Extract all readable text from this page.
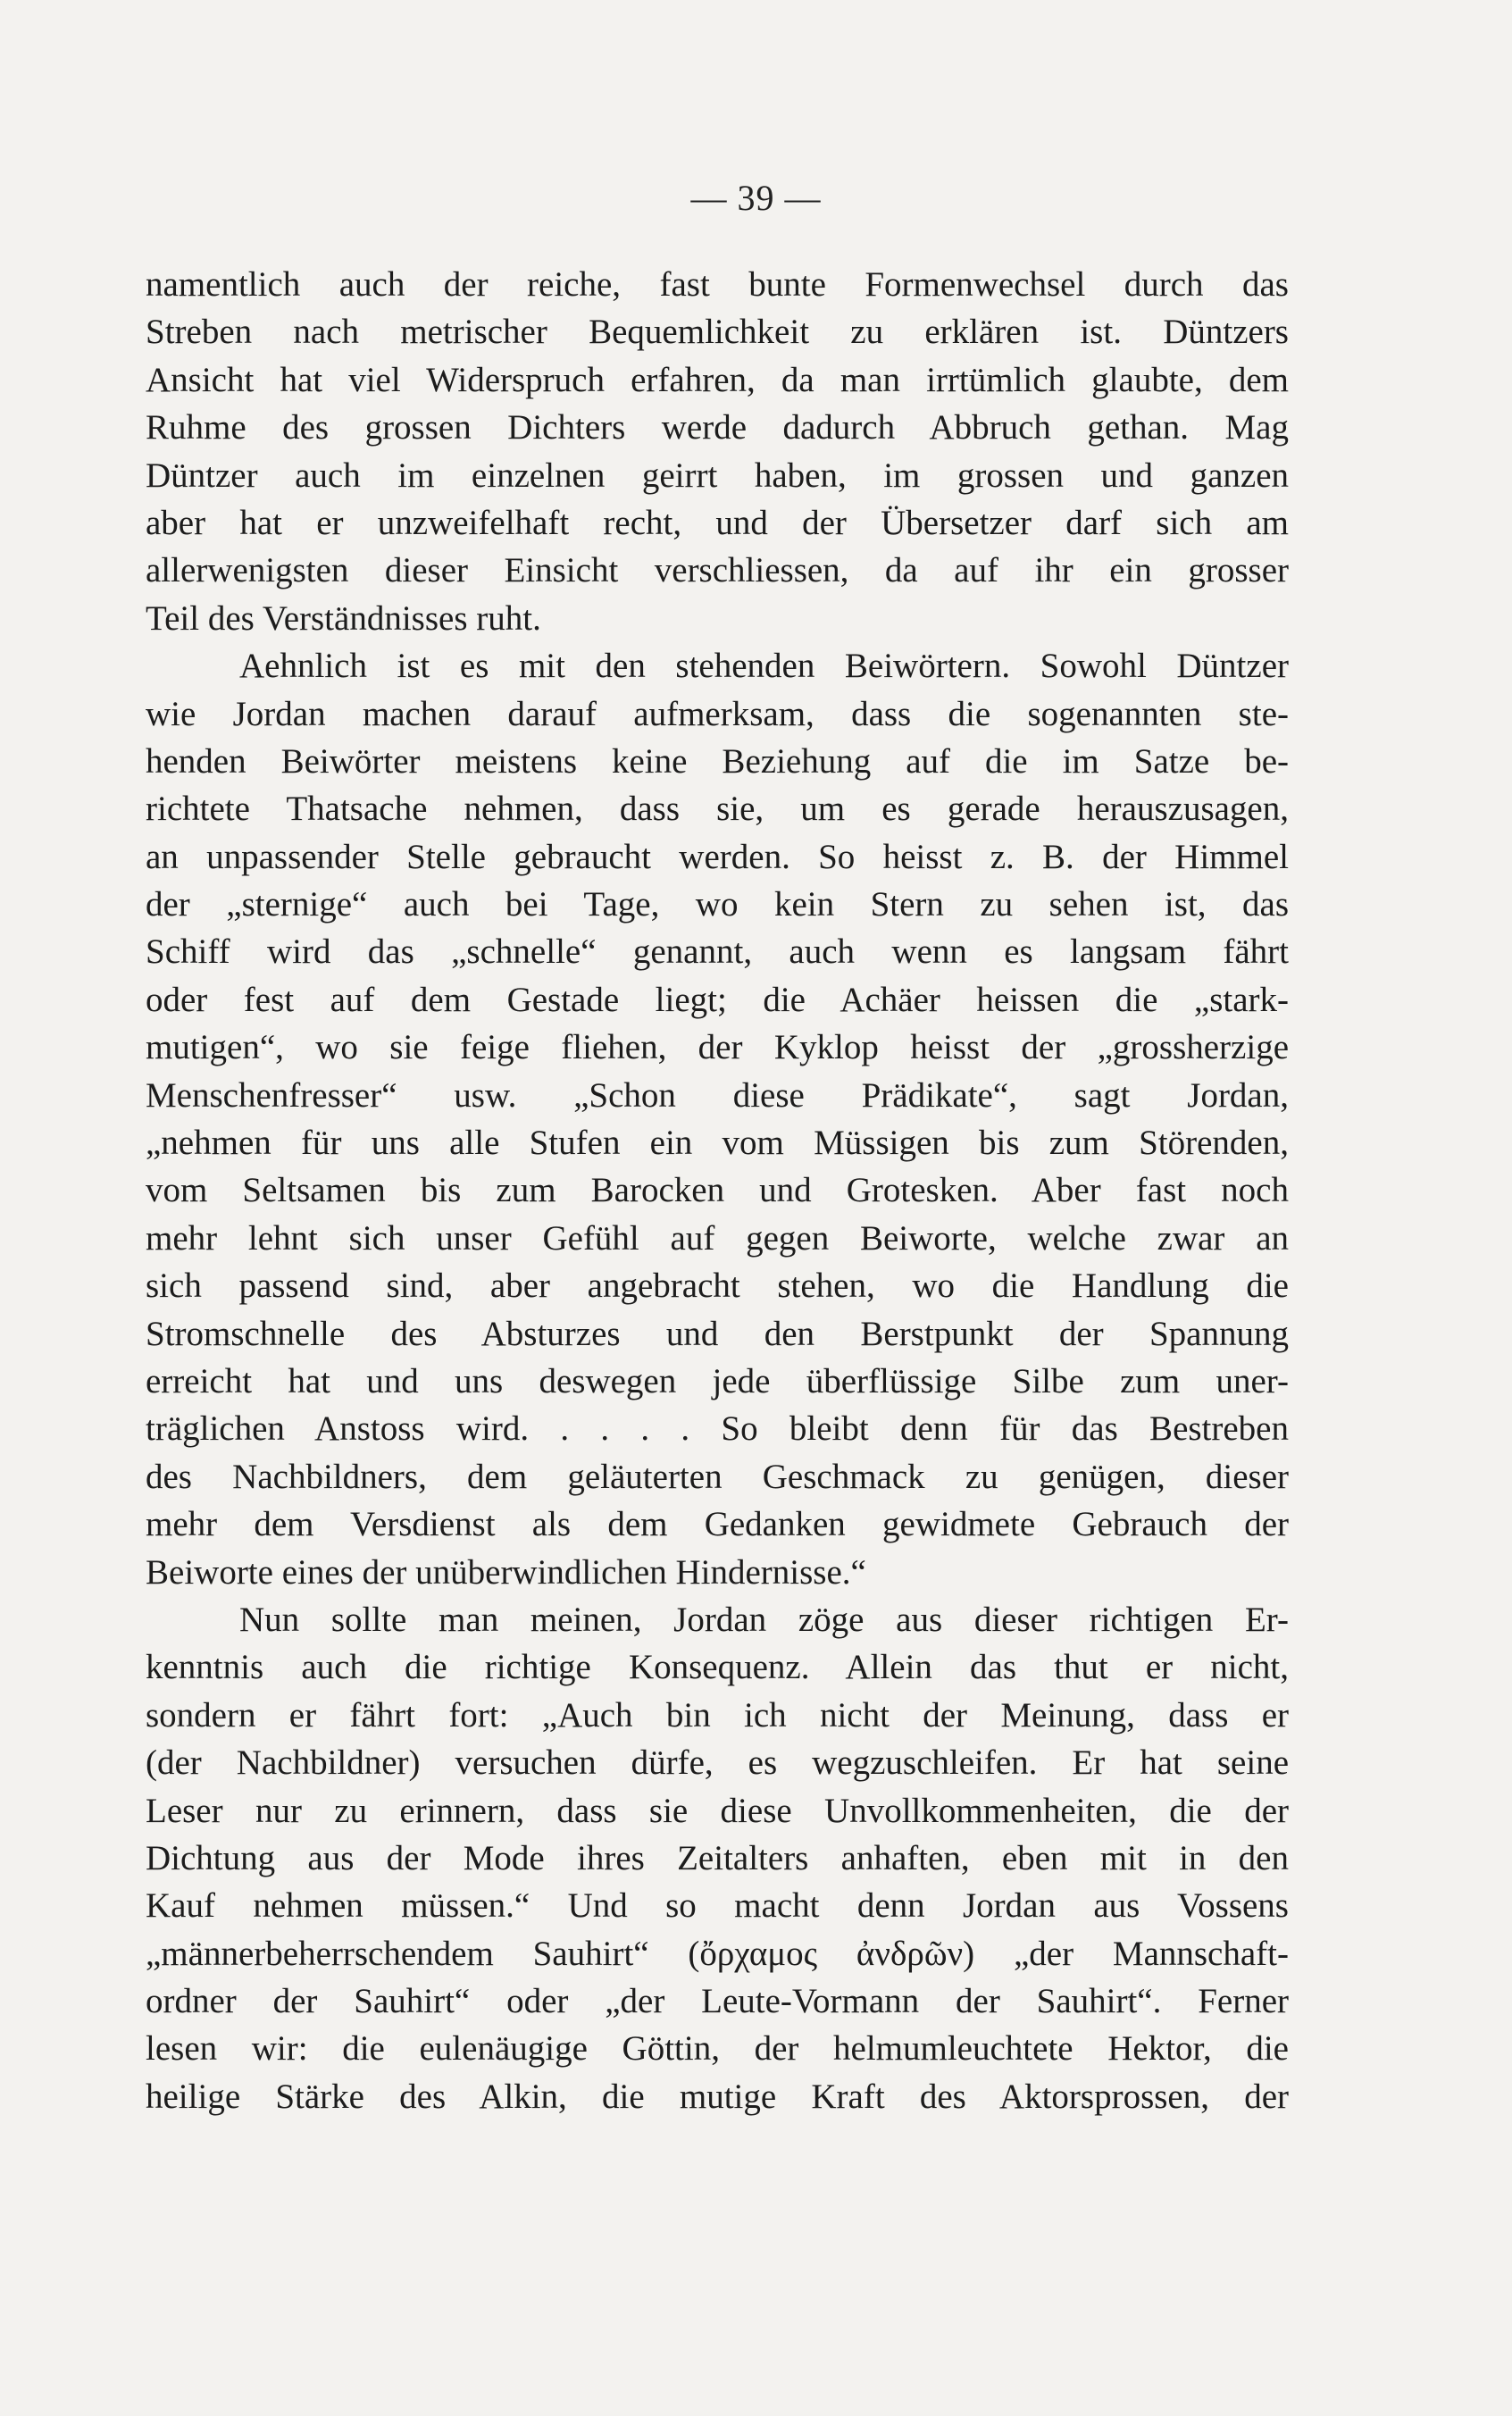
— 39 —
namentlich auch der reiche, fast bunte Formenwechsel durch das
Streben nach metrischer Bequemlichkeit zu erklären ist. Düntzers
Ansicht hat viel Widerspruch erfahren, da man irrtümlich glaubte, dem
Ruhme des grossen Dichters werde dadurch Abbruch gethan. Mag
Düntzer auch im einzelnen geirrt haben, im grossen und ganzen
aber hat er unzweifelhaft recht, und der Übersetzer darf sich am
allerwenigsten dieser Einsicht verschliessen, da auf ihr ein grosser
Teil des Verständnisses ruht.
Aehnlich ist es mit den stehenden Beiwörtern. Sowohl Düntzer
wie Jordan machen darauf aufmerksam, dass die sogenannten ste-
henden Beiwörter meistens keine Beziehung auf die im Satze be-
richtete Thatsache nehmen, dass sie, um es gerade herauszusagen,
an unpassender Stelle gebraucht werden. So heisst z. B. der Himmel
der „sternige“ auch bei Tage, wo kein Stern zu sehen ist, das
Schiff wird das „schnelle“ genannt, auch wenn es langsam fährt
oder fest auf dem Gestade liegt; die Achäer heissen die „stark-
mutigen“, wo sie feige fliehen, der Kyklop heisst der „grossherzige
Menschenfresser“ usw. „Schon diese Prädikate“, sagt Jordan,
„nehmen für uns alle Stufen ein vom Müssigen bis zum Störenden,
vom Seltsamen bis zum Barocken und Grotesken. Aber fast noch
mehr lehnt sich unser Gefühl auf gegen Beiworte, welche zwar an
sich passend sind, aber angebracht stehen, wo die Handlung die
Stromschnelle des Absturzes und den Berstpunkt der Spannung
erreicht hat und uns deswegen jede überflüssige Silbe zum uner-
träglichen Anstoss wird. . . . . So bleibt denn für das Bestreben
des Nachbildners, dem geläuterten Geschmack zu genügen, dieser
mehr dem Versdienst als dem Gedanken gewidmete Gebrauch der
Beiworte eines der unüberwindlichen Hindernisse.“
Nun sollte man meinen, Jordan zöge aus dieser richtigen Er-
kenntnis auch die richtige Konsequenz. Allein das thut er nicht,
sondern er fährt fort: „Auch bin ich nicht der Meinung, dass er
(der Nachbildner) versuchen dürfe, es wegzuschleifen. Er hat seine
Leser nur zu erinnern, dass sie diese Unvollkommenheiten, die der
Dichtung aus der Mode ihres Zeitalters anhaften, eben mit in den
Kauf nehmen müssen.“ Und so macht denn Jordan aus Vossens
„männerbeherrschendem Sauhirt“ (ὄρχαμος ἀνδρῶν) „der Mannschaft-
ordner der Sauhirt“ oder „der Leute-Vormann der Sauhirt“. Ferner
lesen wir: die eulenäugige Göttin, der helmumleuchtete Hektor, die
heilige Stärke des Alkin, die mutige Kraft des Aktorsprossen, der
